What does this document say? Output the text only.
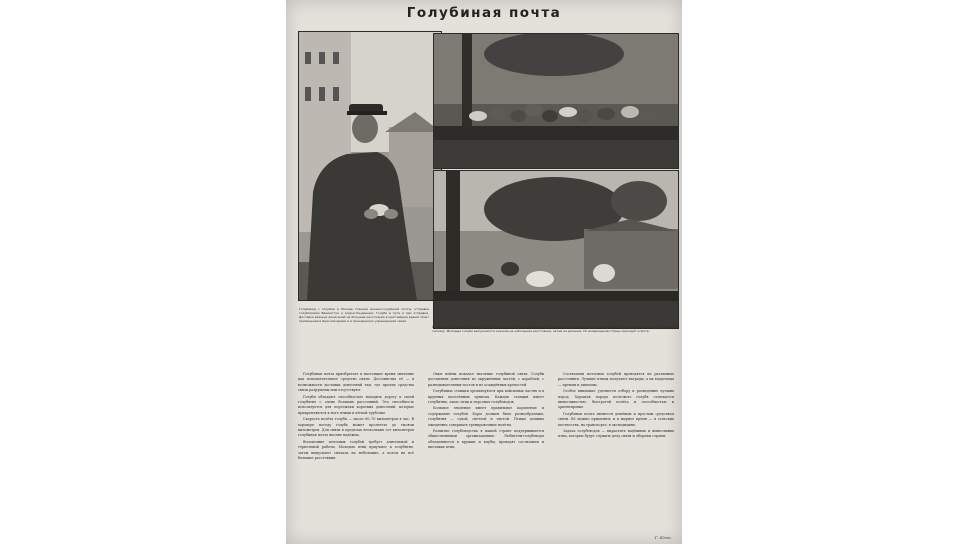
Голубиная почта
Голубевод с голубем в Москве станции военно-голубиной почты, отправка голубеграмм Вашингтон и корреспонденции. Голуби в пути и при отправке. Доставка важных донесений на большие расстояния в кратчайшее время. Опыт применения в Красной армии и в гражданских учреждениях связи.
Голуби на площадке голубятни. Подготовка к вылету и возвращение с дальних расстояний. Во время тренировки птицы приучаются к месту, корму и сигналу. Молодые голуби выпускаются сначала на небольшие расстояния, затем на дальние. По возвращении птицы проходят осмотр.

Голубиная почта приобретает в настоящее время значение как вспомогательное средство связи. Достоинства её — в возможности доставки донесений там, где прочие средства связи разрушены или отсутствуют.

Голуби обладают способностью находить дорогу к своей голубятне с очень больших расстояний. Эта способность используется для пересылки коротких донесений, которые прикрепляются к ноге птицы в лёгкой трубочке.

Скорость полёта голубя — около 60–70 километров в час. В хорошую погоду голубь может пролететь до тысячи километров. Для связи в пределах нескольких сот километров голубиная почта вполне надёжна.

Воспитание почтовых голубей требует длительной и терпеливой работы. Молодых птиц приучают к голубятне, затем выпускают сначала на небольшие, а потом на всё большие расстояния.

Опыт войны показал значение голубиной связи. Голуби доставляли донесения из окружённых частей, с кораблей, с разведывательных постов и из осаждённых крепостей.

Голубиные станции организуются при войсковых частях и в крупных населённых пунктах. Каждая станция имеет голубятню, запас птиц и персонал голубеводов.

Большое значение имеет правильное кормление и содержание голубей. Корм должен быть разнообразным, голубятня — сухой, светлой и чистой. Птицы должны ежедневно совершать тренировочные полёты.

Развитие голубеводства в нашей стране поддерживается общественными организациями. Любители-голубеводы объединяются в кружки и клубы, проводят состязания и выставки птиц.

Состязания почтовых голубей проводятся на различные расстояния. Лучшие птицы получают награды, а их владельцы — премии и дипломы.

Особое внимание уделяется отбору и разведению лучших пород. Хорошая порода почтового голубя отличается выносливостью, быстротой полёта и способностью к ориентировке.

Голубиная почта является дешёвым и простым средством связи. Её можно применять и в мирное время — в сельских местностях, на транспорте, в экспедициях.

Задача голубеводов — вырастить надёжных и выносливых птиц, которые будут служить делу связи и обороны страны.

Г. Юст.
